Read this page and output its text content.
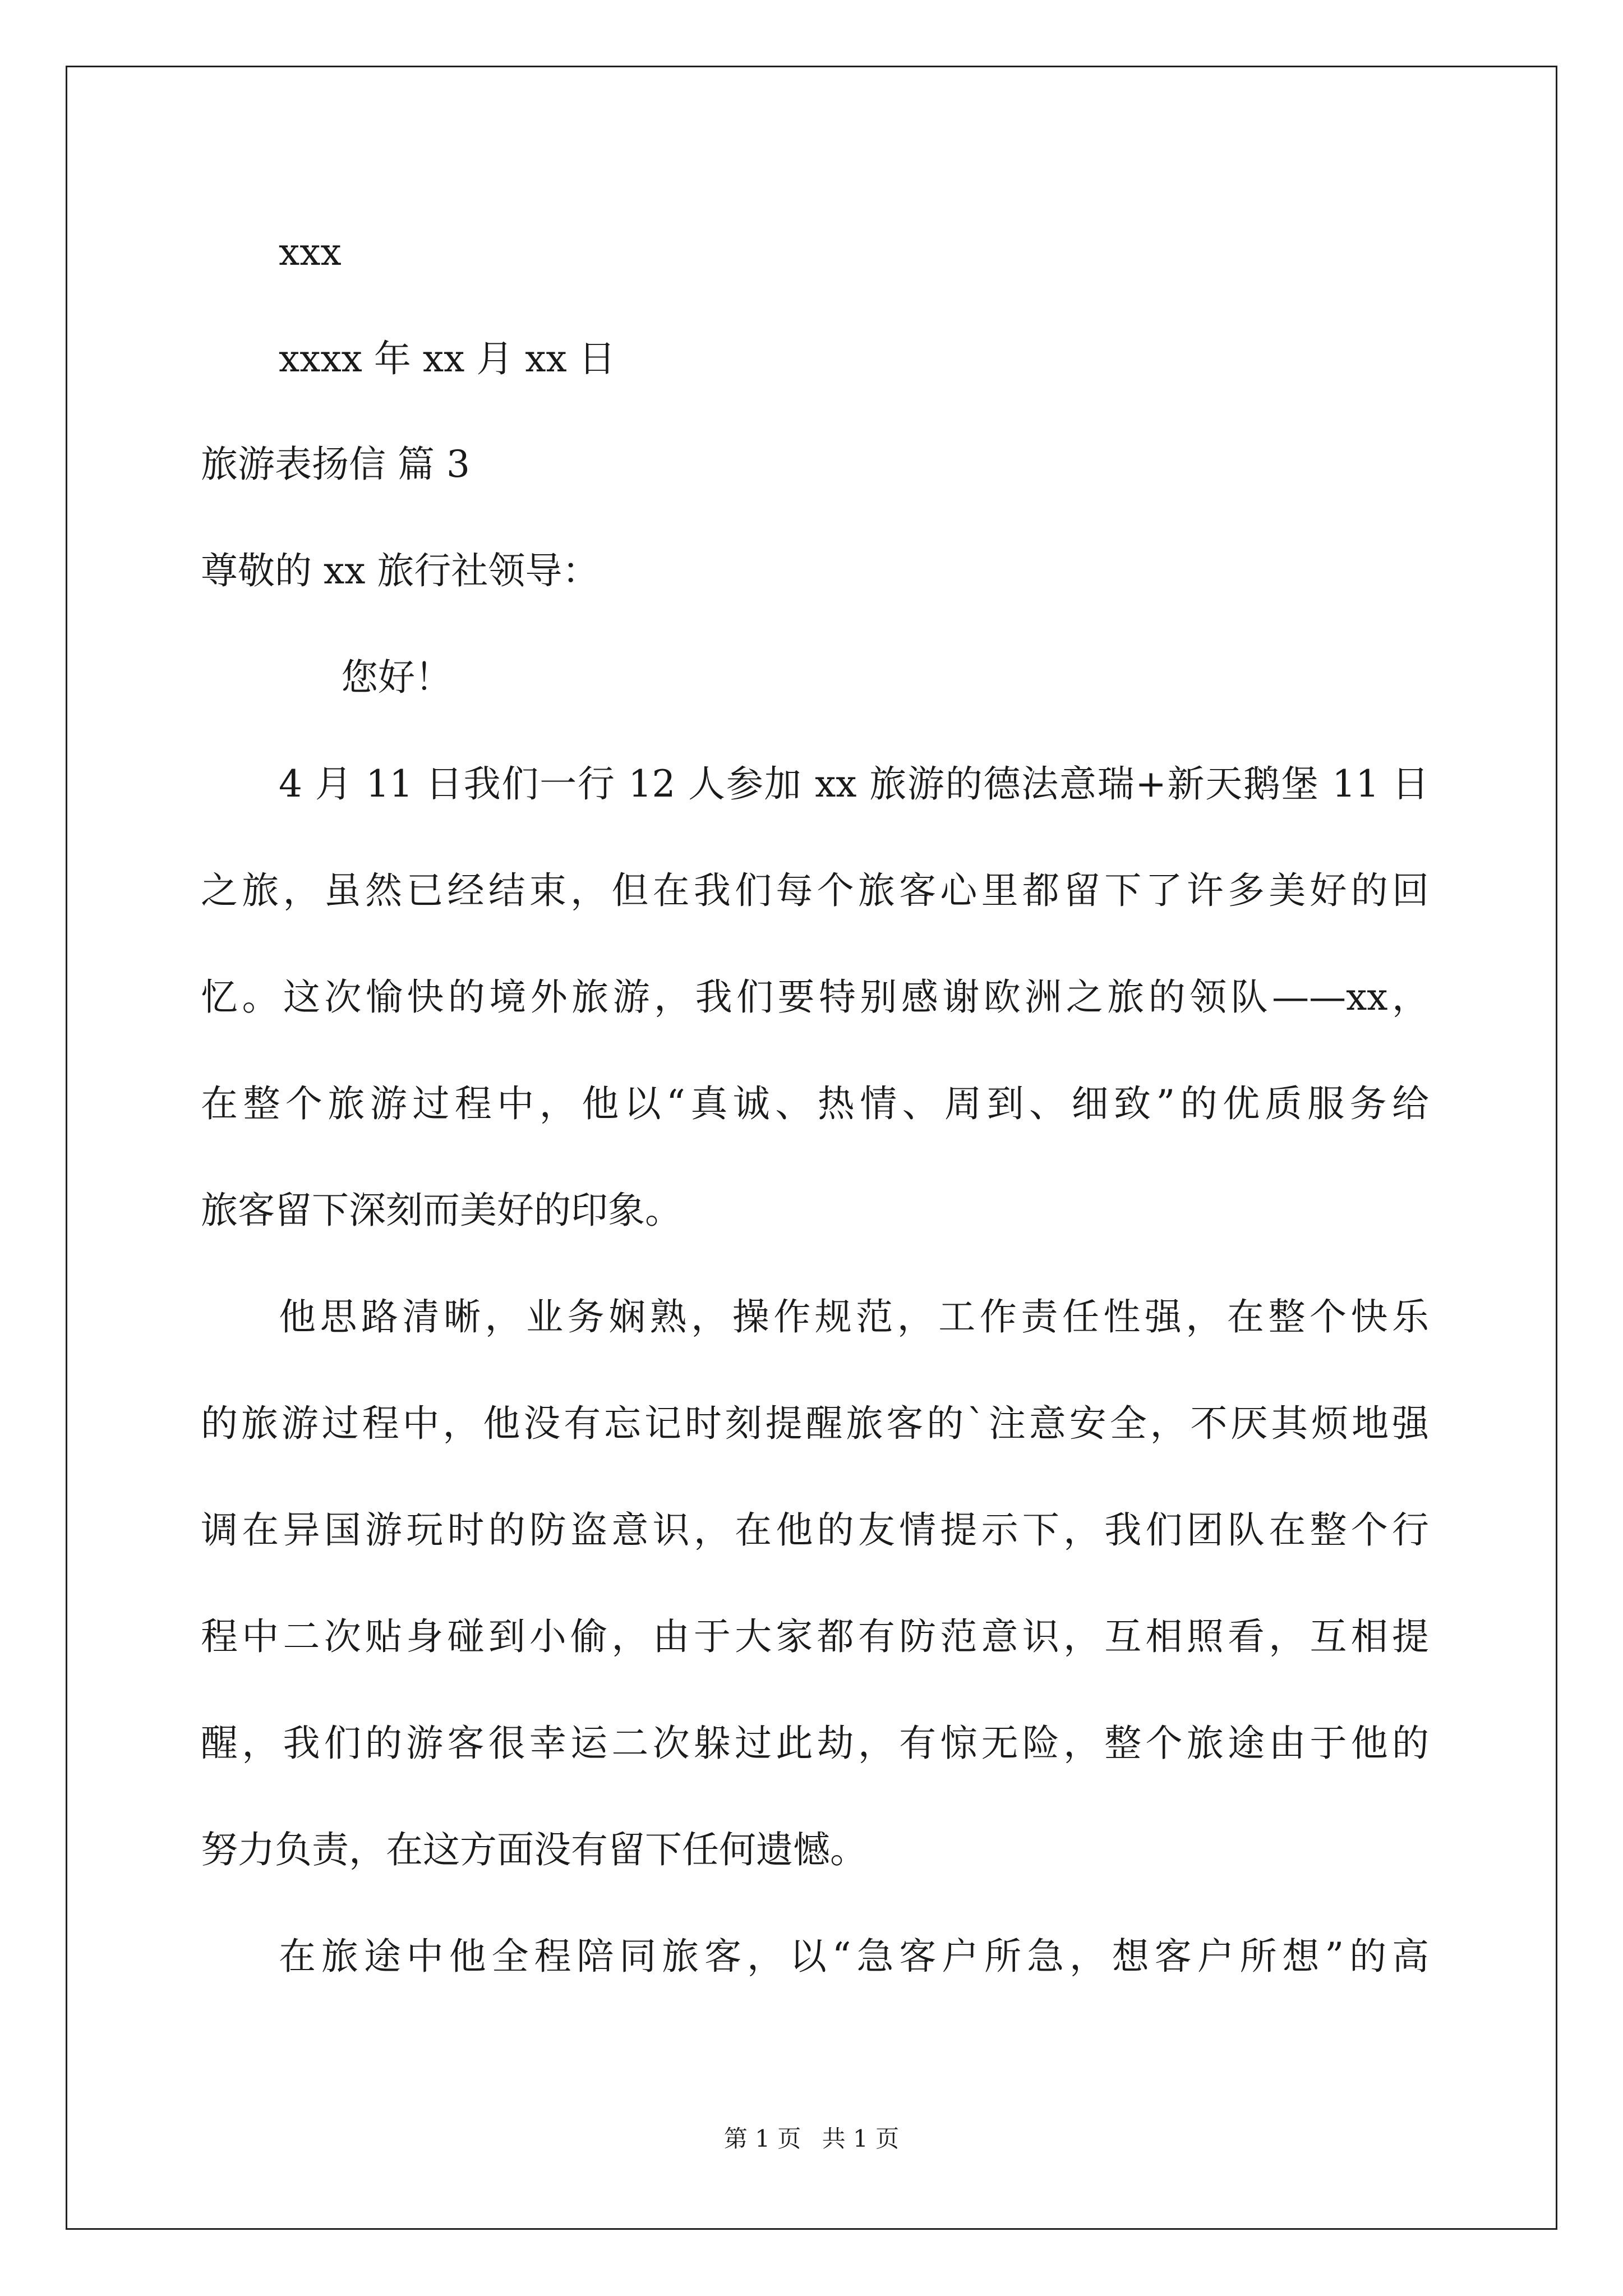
xxx
xxxx 年 xx 月 xx 日
旅游表扬信 篇 3
尊敬的 xx 旅行社领导：
您好！
4 月 11 日我们一行 12 人参加 xx 旅游的德法意瑞+新天鹅堡 11 日
之旅，虽然已经结束，但在我们每个旅客心里都留下了许多美好的回
忆。这次愉快的境外旅游，我们要特别感谢欧洲之旅的领队——xx，
在整个旅游过程中，他以“真诚、热情、周到、细致”的优质服务给
旅客留下深刻而美好的印象。
他思路清晰，业务娴熟，操作规范，工作责任性强，在整个快乐
的旅游过程中，他没有忘记时刻提醒旅客的`注意安全，不厌其烦地强
调在异国游玩时的防盗意识，在他的友情提示下，我们团队在整个行
程中二次贴身碰到小偷，由于大家都有防范意识，互相照看，互相提
醒，我们的游客很幸运二次躲过此劫，有惊无险，整个旅途由于他的
努力负责，在这方面没有留下任何遗憾。
在旅途中他全程陪同旅客，以“急客户所急，想客户所想”的高
第 1 页 共 1 页
